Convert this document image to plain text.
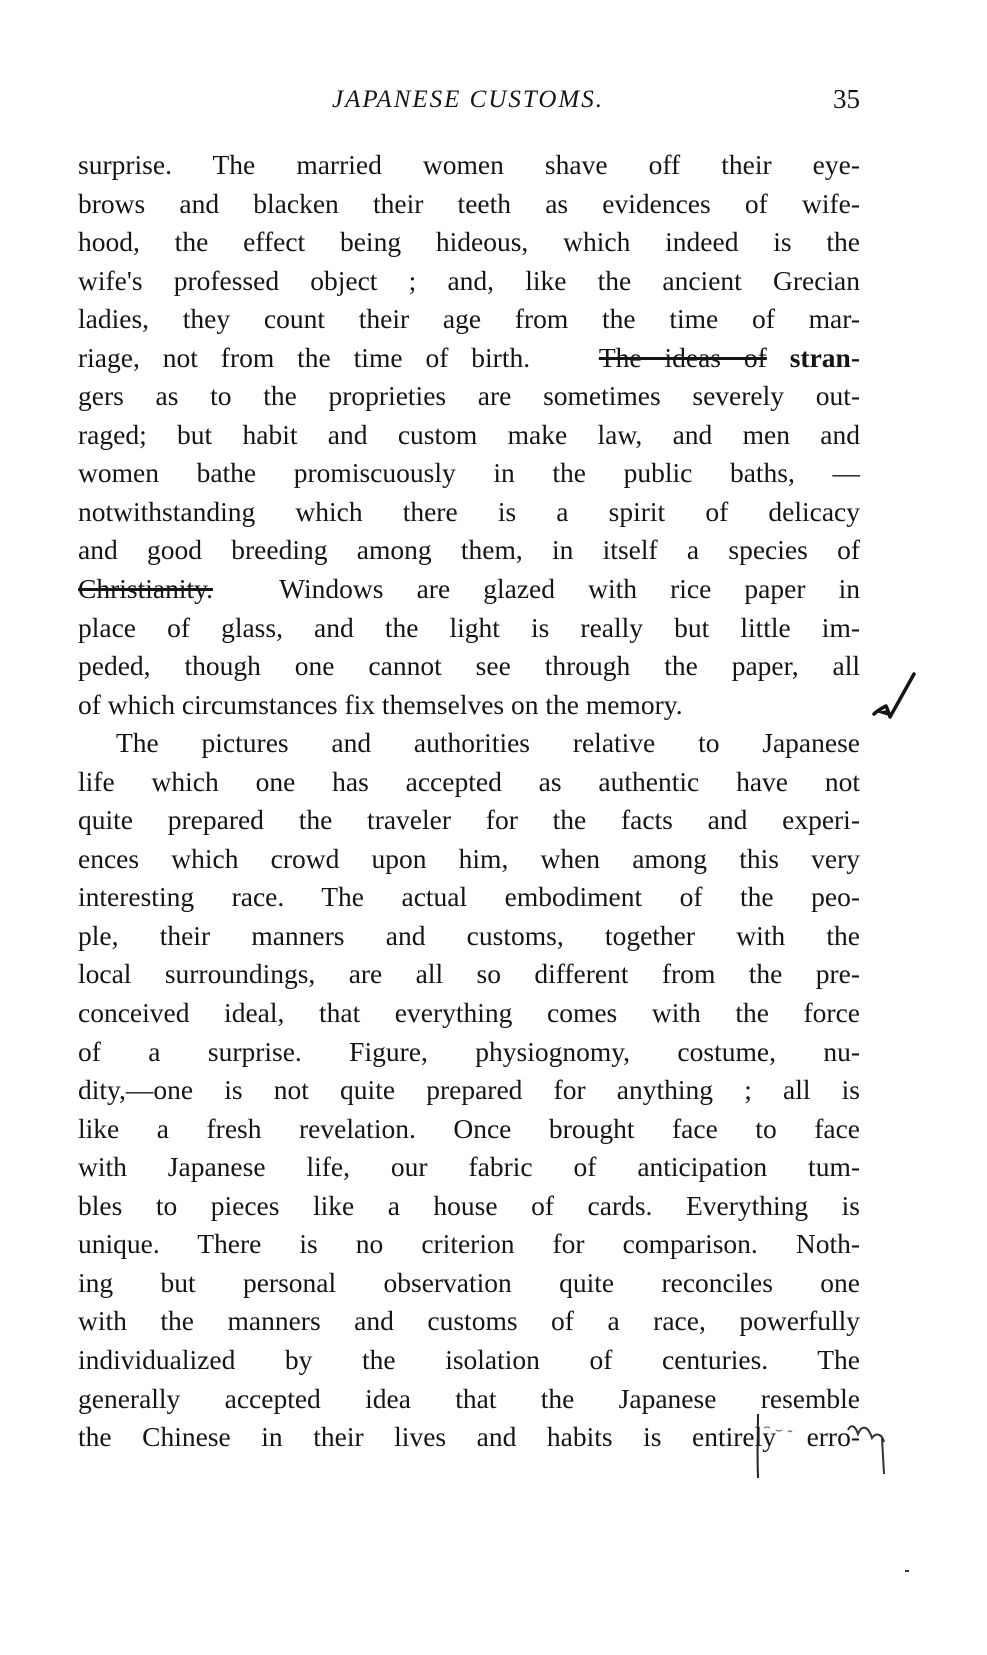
JAPANESE CUSTOMS.	35
surprise. The married women shave off their eye-
brows and blacken their teeth as evidences of wife-
hood, the effect being hideous, which indeed is the
wife's professed object ; and, like the ancient Grecian
ladies, they count their age from the time of mar-
riage, not from the time of birth. The ideas of stran-
gers as to the proprieties are sometimes severely out-
raged; but habit and custom make law, and men and
women bathe promiscuously in the public baths, —
notwithstanding which there is a spirit of delicacy
and good breeding among them, in itself a species of
Christianity. Windows are glazed with rice paper in
place of glass, and the light is really but little im-
peded, though one cannot see through the paper, all
of which circumstances fix themselves on the memory.
The pictures and authorities relative to Japanese
life which one has accepted as authentic have not
quite prepared the traveler for the facts and experi-
ences which crowd upon him, when among this very
interesting race. The actual embodiment of the peo-
ple, their manners and customs, together with the
local surroundings, are all so different from the pre-
conceived ideal, that everything comes with the force
of a surprise. Figure, physiognomy, costume, nu-
dity,—one is not quite prepared for anything ; all is
like a fresh revelation. Once brought face to face
with Japanese life, our fabric of anticipation tum-
bles to pieces like a house of cards. Everything is
unique. There is no criterion for comparison. Noth-
ing but personal observation quite reconciles one
with the manners and customs of a race, powerfully
individualized by the isolation of centuries. The
generally accepted idea that the Japanese resemble
the Chinese in their lives and habits is entirely erro-
